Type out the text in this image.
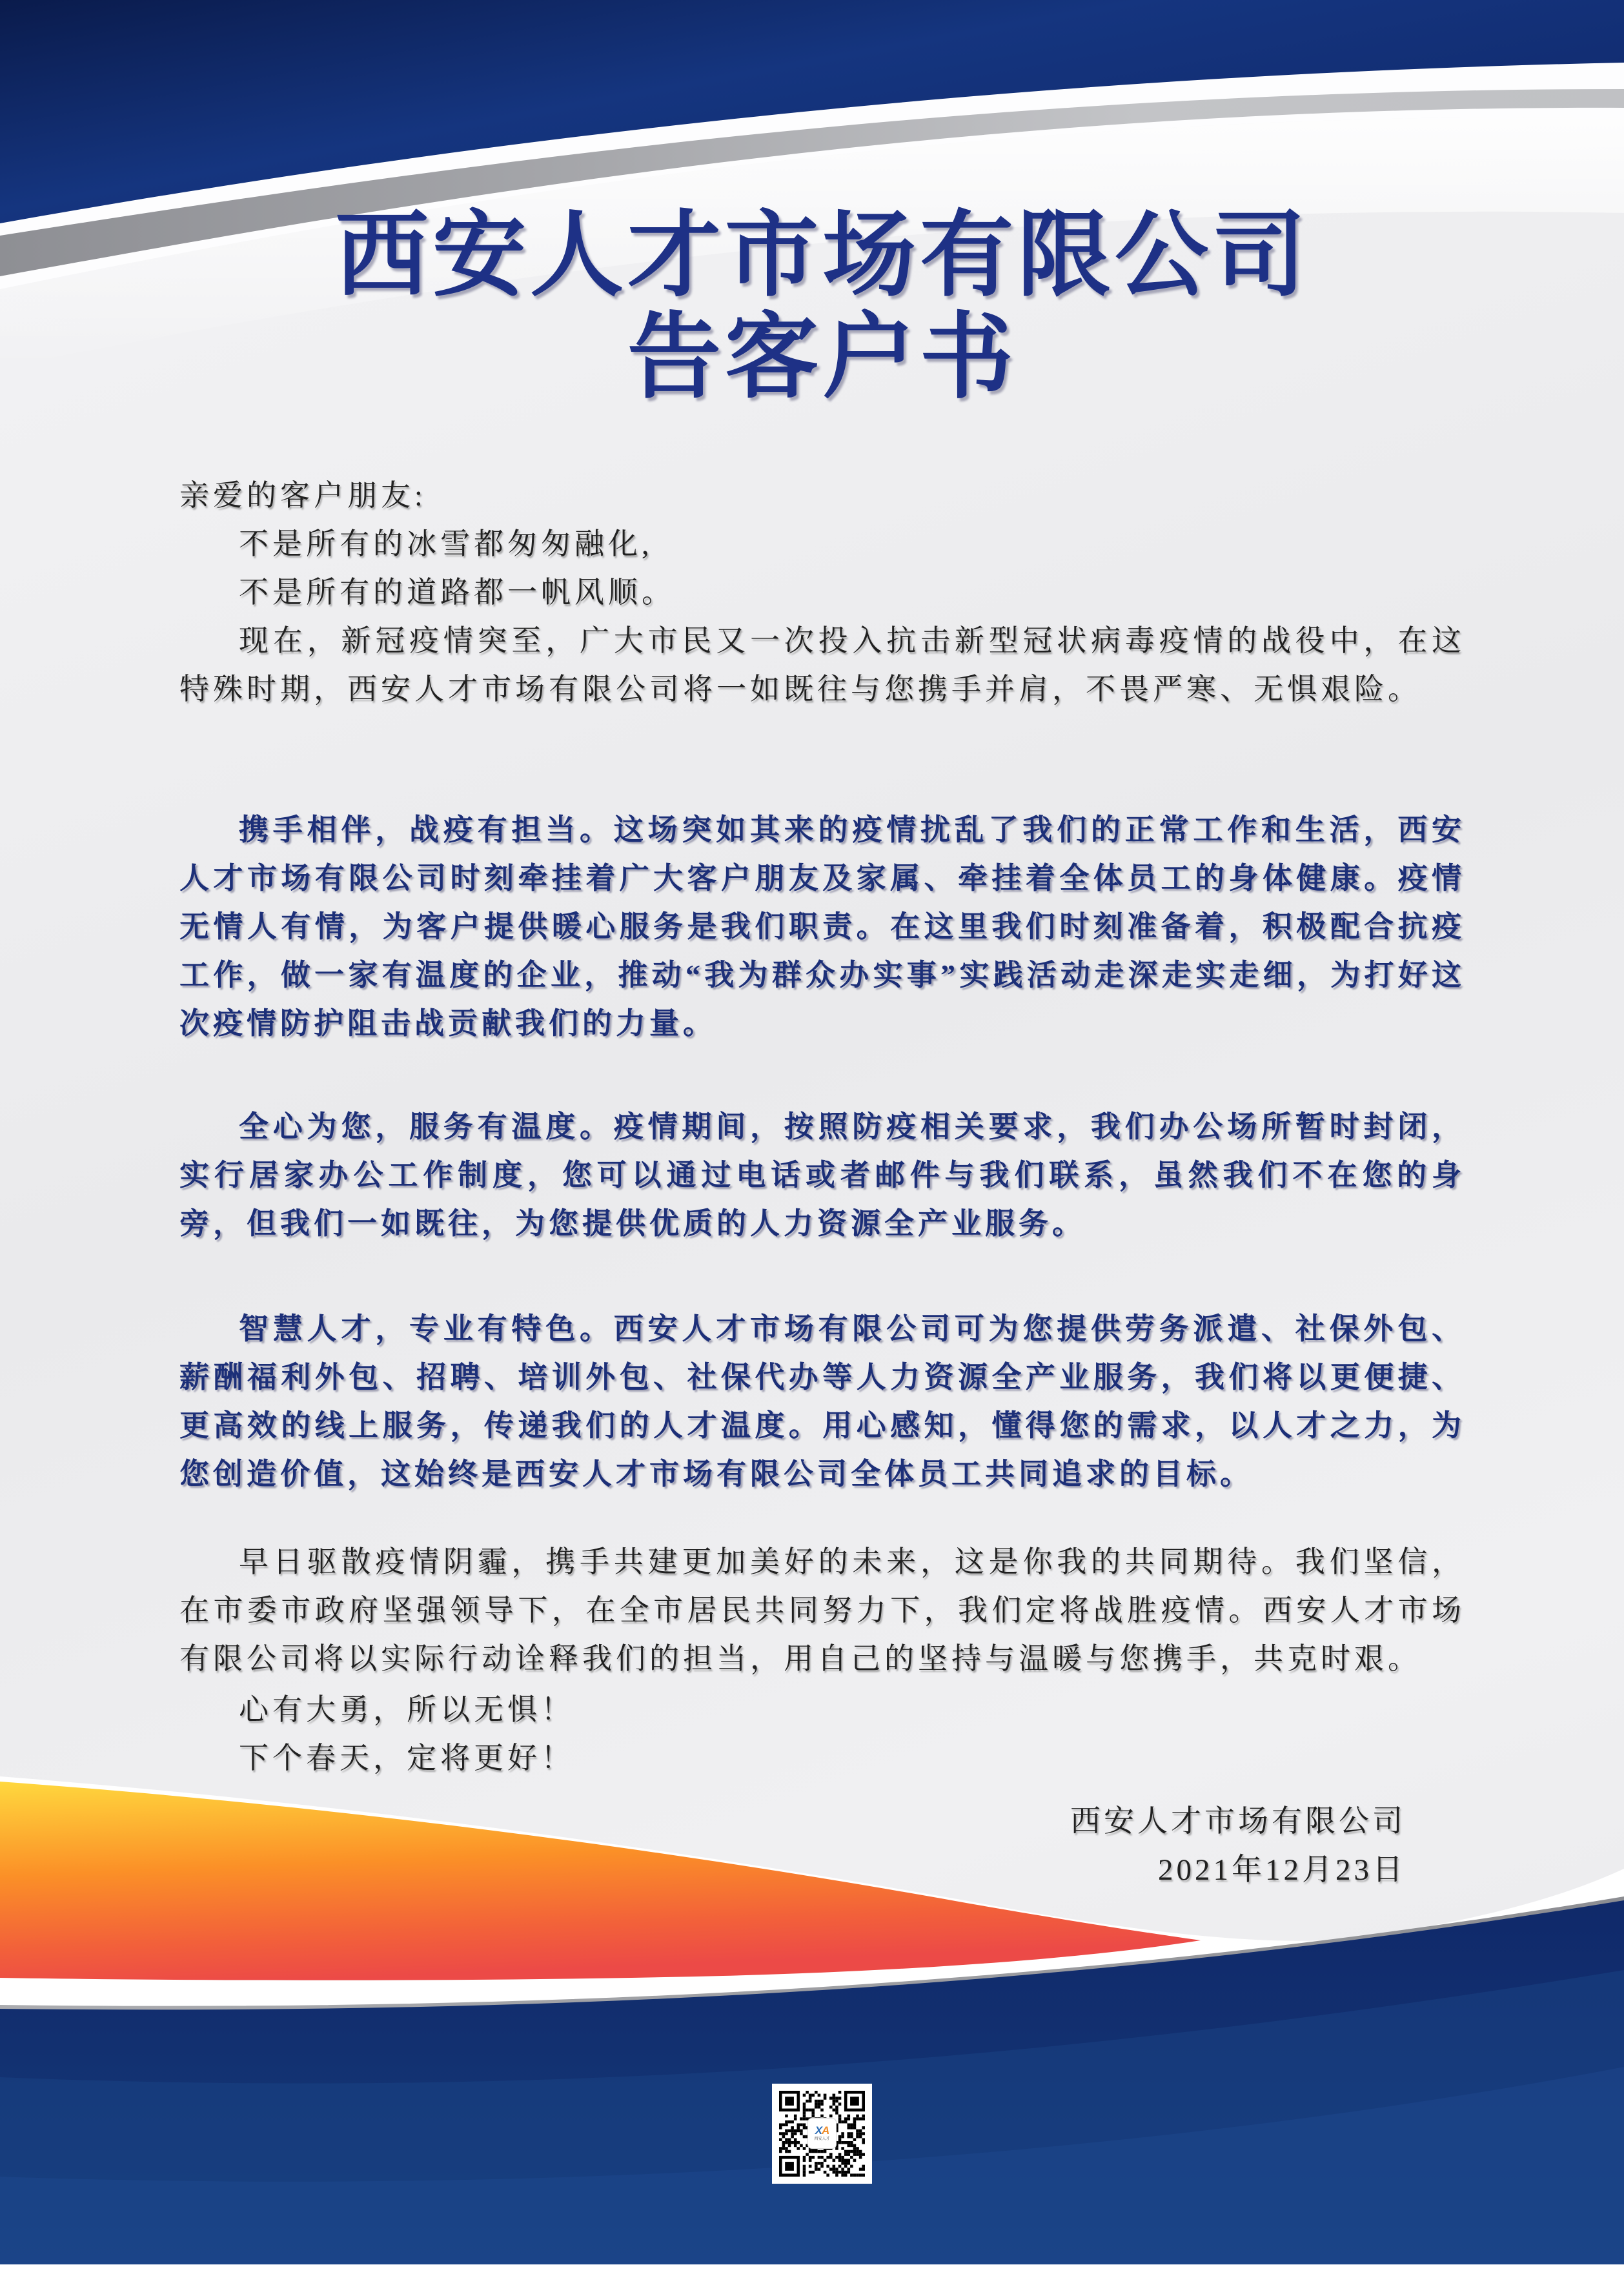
西安人才市场有限公司
告客户书
亲爱的客户朋友:
不是所有的冰雪都匆匆融化,
不是所有的道路都一帆风顺。
现在，新冠疫情突至，广大市民又一次投入抗击新型冠状病毒疫情的战役中，在这特殊时期，西安人才市场有限公司将一如既往与您携手并肩，不畏严寒、无惧艰险。
携手相伴，战疫有担当。这场突如其来的疫情扰乱了我们的正常工作和生活，西安人才市场有限公司时刻牵挂着广大客户朋友及家属、牵挂着全体员工的身体健康。疫情无情人有情，为客户提供暖心服务是我们职责。在这里我们时刻准备着，积极配合抗疫工作，做一家有温度的企业，推动“我为群众办实事”实践活动走深走实走细，为打好这次疫情防护阻击战贡献我们的力量。
全心为您，服务有温度。疫情期间，按照防疫相关要求，我们办公场所暂时封闭，实行居家办公工作制度，您可以通过电话或者邮件与我们联系，虽然我们不在您的身旁，但我们一如既往，为您提供优质的人力资源全产业服务。
智慧人才，专业有特色。西安人才市场有限公司可为您提供劳务派遣、社保外包、薪酬福利外包、招聘、培训外包、社保代办等人力资源全产业服务，我们将以更便捷、更高效的线上服务，传递我们的人才温度。用心感知，懂得您的需求，以人才之力，为您创造价值，这始终是西安人才市场有限公司全体员工共同追求的目标。
早日驱散疫情阴霾，携手共建更加美好的未来，这是你我的共同期待。我们坚信，在市委市政府坚强领导下，在全市居民共同努力下，我们定将战胜疫情。西安人才市场有限公司将以实际行动诠释我们的担当，用自己的坚持与温暖与您携手，共克时艰。
心有大勇，所以无惧！
下个春天，定将更好！
西安人才市场有限公司
2021年12月23日
XA
西安人才
